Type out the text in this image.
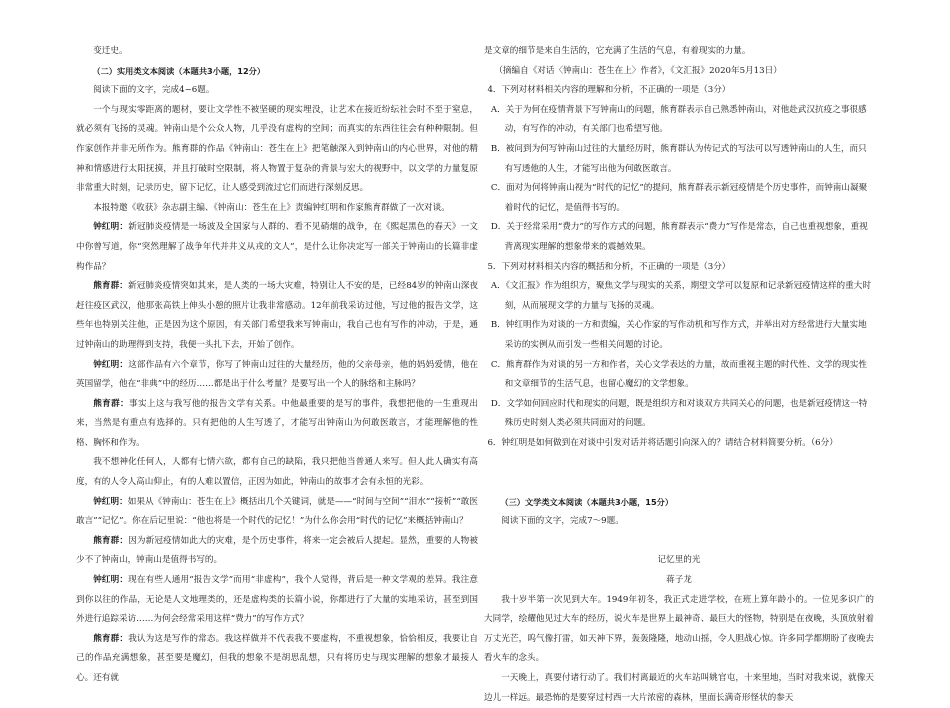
变迁史。

（二）实用类文本阅读（本题共3小题，12分）

阅读下面的文字，完成4~6题。

一个与现实零距离的题材，要让文学性不被坚硬的现实埋没，让艺术在接近纷纭社会时不至于窒息，就必须有飞扬的灵魂。钟南山是个公众人物，几乎没有虚构的空间；而真实的东西往往会有种种限制。但作家创作并非无所作为。熊育群的作品《钟南山：苍生在上》把笔触深入到钟南山的内心世界，对他的精神和情感进行太阳抚摸，并且打破时空限制，将人物置于复杂的背景与宏大的视野中，以文学的力量复原非常重大时刻，记录历史，留下记忆，让人感受到流过它们而进行深刻反思。

本报特邀《收获》杂志副主编、《钟南山：苍生在上》责编钟红明和作家熊育群做了一次对谈。

钟红明：新冠肺炎疫情是一场波及全国家与人群的、看不见硝烟的战争，在《熙起黑色的春天》一文中你曾写道，你“突然理解了战争年代并井义从戎的文人”，是什么让你决定写一部关于钟南山的长篇非虚构作品？

熊育群：新冠肺炎疫情突如其来，是人类的一场大灾难，特别让人不安的是，已经84岁的钟南山深夜赶往疫区武汉，他那张高铁上伸头小憩的照片让我非常感动。12年前我采访过他，写过他的报告文学，这些年也特别关注他，正是因为这个原因，有关部门希望我来写钟南山，我自己也有写作的冲动，于是，通过钟南山的助理得到支持，我便一头扎下去，开始了创作。

钟红明：这部作品有六个章节，你写了钟南山过往的大量经历，他的父亲母亲，他的妈妈爱情，他在英国留学，他在“非典”中的经历……都是出于什么考量？是要写出一个人的脉络和主脉吗？

熊育群：事实上这与我写他的报告文学有关系。中他最重要的是写的事件，我想把他的一生重现出来，当然是有重点有选择的。只有把他的人生写透了，才能写出钟南山为何敢医敢言，才能理解他的性格、胸怀和作为。

我不想神化任何人，人都有七情六欲，都有自己的缺陷，我只把他当普通人来写。但人此人确实有高度，有的人令人高山仰止，有的人难以置信，正因为如此，钟南山的故事才会有永恒的光彩。

钟红明：如果从《钟南山：苍生在上》概括出几个关键词，就是——“时间与空间”“泪水”“接析”“敢医敢言”“记忆”。你在后记里说：“他也将是一个时代的记忆！”为什么你会用“时代的记忆”来概括钟南山？

熊育群：因为新冠疫情如此大的灾难，是个历史事件，将来一定会被后人提起。显然，重要的人物被少不了钟南山，钟南山是值得书写的。

钟红明：现在有些人通用“报告文学”而用“非虚构”，我个人觉得，背后是一种文学观的差异。我注意到你以往的作品，无论是人文地理类的，还是虚构类的长篇小说，你都进行了大量的实地采访，甚至到国外进行追踪采访……为何会经常采用这样“费力”的写作方式？

熊育群：我认为这是写作的常态。我这样做并不代表我不要虚构，不重视想象，恰恰相反，我要让自己的作品充满想象，甚至要是魔幻，但我的想象不是胡思乱想，只有将历史与现实理解的想象才最接人心。还有就

是文章的细节是来自生活的，它充满了生活的气息，有着现实的力量。

（摘编自《对话〈钟南山：苍生在上〉作者》，《文汇报》2020年5月13日）

4．下列对材料相关内容的理解和分析，不正确的一项是（3分）

A．关于为何在疫情背景下写钟南山的问题，熊育群表示自己熟悉钟南山，对他赴武汉抗疫之事很感动，有写作的冲动，有关部门也希望写他。

B．被问到为何写钟南山过往的大量经历时，熊育群认为传记式的写法可以写透钟南山的人生，而只有写透他的人生，才能写出他为何敢医敢言。

C．面对为何将钟南山视为“时代的记忆”的提问，熊育群表示新冠疫情是个历史事件，而钟南山凝聚着时代的记忆，是值得书写的。

D．关于经常采用“费力”的写作方式的问题，熊育群表示“费力”写作是常态，自己也重视想象，重视背离现实理解的想象带来的震撼效果。

5．下列对材料相关内容的概括和分析，不正确的一项是（3分）

A．《文汇报》作为组织方，聚焦文学与现实的关系，期望文学可以复原和记录新冠疫情这样的重大时刻，从而展现文学的力量与飞扬的灵魂。

B．钟红明作为对谈的一方和责编，关心作家的写作动机和写作方式，并举出对方经常进行大量实地采访的实例从而引发一些相关问题的讨论。

C．熊育群作为对谈的另一方和作者，关心文学表达的力量，故而重视主题的时代性、文学的现实性和文章细节的生活气息，也留心魔幻的文学想象。

D．文学如何回应时代和现实的问题，既是组织方和对谈双方共同关心的问题，也是新冠疫情这一特殊历史时刻人类必须共同面对的问题。

6．钟红明是如何做到在对谈中引发对话并将话题引向深入的？请结合材料简要分析。（6分）

（三）文学类文本阅读（本题共3小题，15分）

阅读下面的文字，完成7～9题。

记忆里的光

蒋子龙

我十岁半第一次见到大车。1949年初冬，我正式走进学校，在班上算年龄小的。一位见多识广的大同学，绘耀他见过大车的经历，说火车是世界上最神奇、最巨大的怪物，特别是在夜晚，头顶放射着万丈光芒，呜气像打雷，如天神下界，轰轰隆隆，地动山摇，令人胆战心惊。许多同学都期盼了夜晚去看火车的念头。

一天晚上，真要付诸行动了。我们村离最近的火车站叫姚官屯，十来里地，当时对我来说，就像天边儿一样远。最恐怖的是要穿过村西一大片浓密的森林，里面长满奇形怪状的参天
